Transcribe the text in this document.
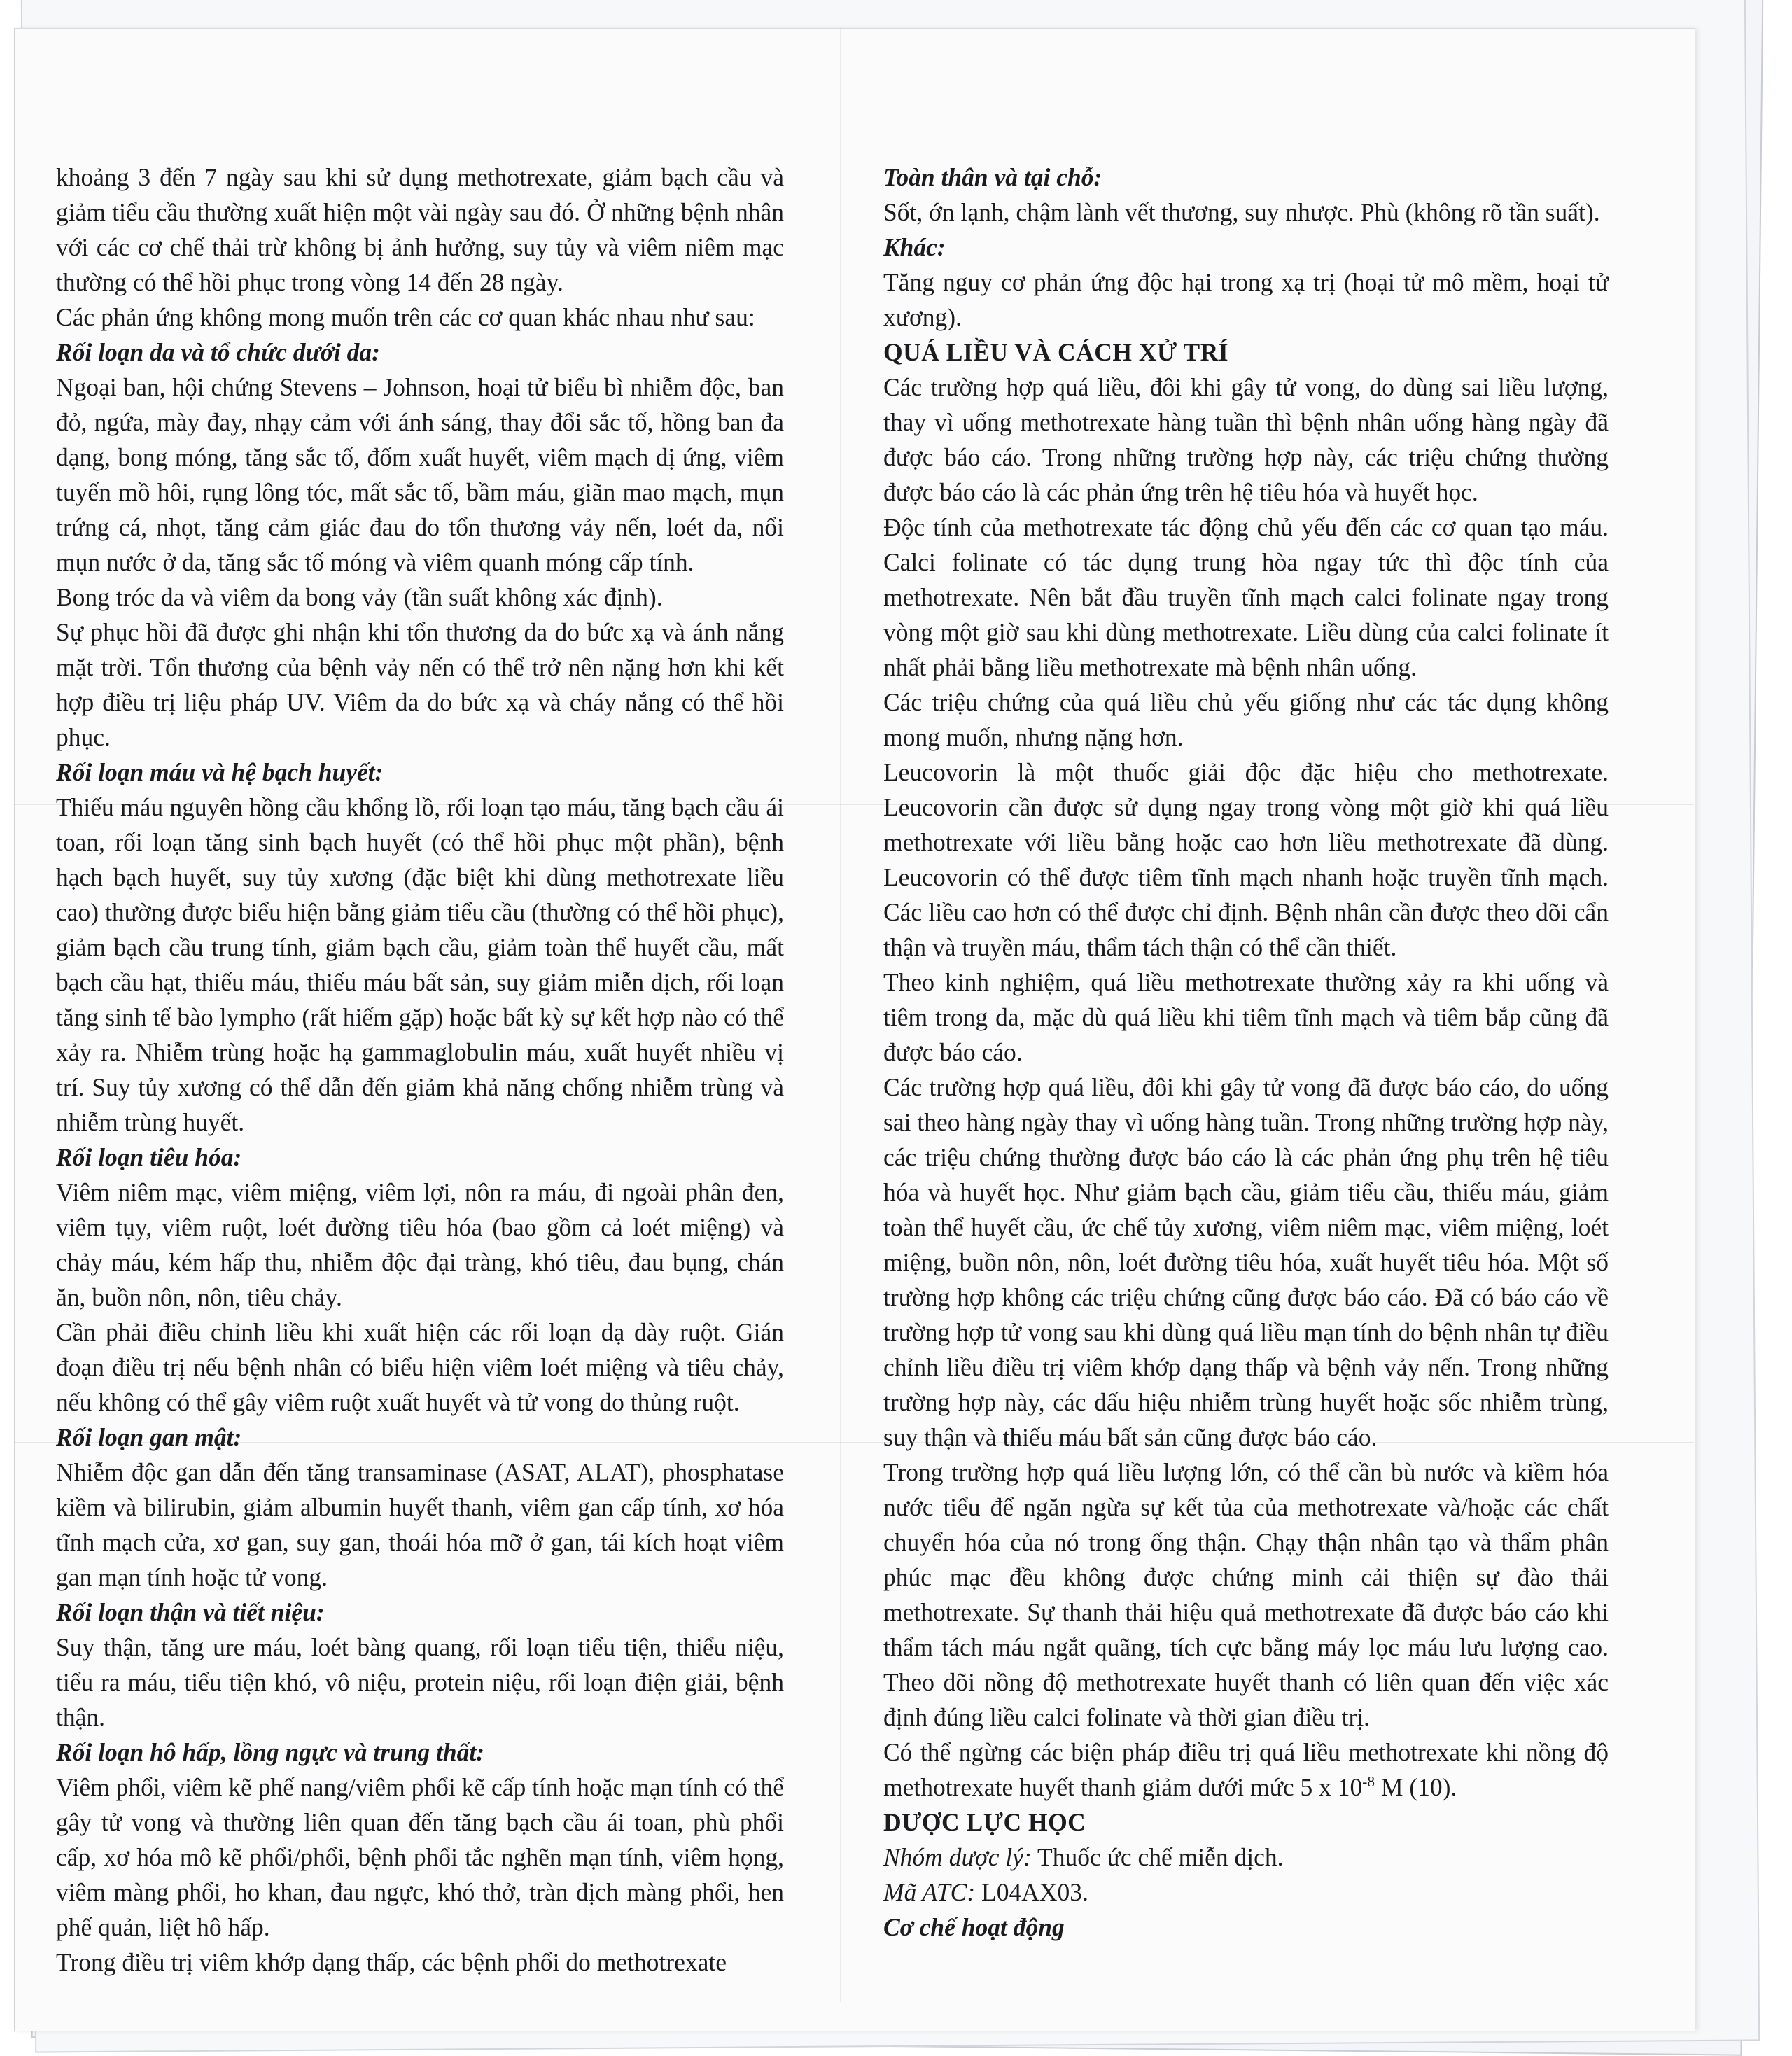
khoảng 3 đến 7 ngày sau khi sử dụng methotrexate, giảm bạch cầu và giảm tiểu cầu thường xuất hiện một vài ngày sau đó. Ở những bệnh nhân với các cơ chế thải trừ không bị ảnh hưởng, suy tủy và viêm niêm mạc thường có thể hồi phục trong vòng 14 đến 28 ngày.

Các phản ứng không mong muốn trên các cơ quan khác nhau như sau:

Rối loạn da và tổ chức dưới da:

Ngoại ban, hội chứng Stevens – Johnson, hoại tử biểu bì nhiễm độc, ban đỏ, ngứa, mày đay, nhạy cảm với ánh sáng, thay đổi sắc tố, hồng ban đa dạng, bong móng, tăng sắc tố, đốm xuất huyết, viêm mạch dị ứng, viêm tuyến mồ hôi, rụng lông tóc, mất sắc tố, bầm máu, giãn mao mạch, mụn trứng cá, nhọt, tăng cảm giác đau do tổn thương vảy nến, loét da, nổi mụn nước ở da, tăng sắc tố móng và viêm quanh móng cấp tính.

Bong tróc da và viêm da bong vảy (tần suất không xác định).

Sự phục hồi đã được ghi nhận khi tổn thương da do bức xạ và ánh nắng mặt trời. Tổn thương của bệnh vảy nến có thể trở nên nặng hơn khi kết hợp điều trị liệu pháp UV. Viêm da do bức xạ và cháy nắng có thể hồi phục.

Rối loạn máu và hệ bạch huyết:

Thiếu máu nguyên hồng cầu khổng lồ, rối loạn tạo máu, tăng bạch cầu ái toan, rối loạn tăng sinh bạch huyết (có thể hồi phục một phần), bệnh hạch bạch huyết, suy tủy xương (đặc biệt khi dùng methotrexate liều cao) thường được biểu hiện bằng giảm tiểu cầu (thường có thể hồi phục), giảm bạch cầu trung tính, giảm bạch cầu, giảm toàn thể huyết cầu, mất bạch cầu hạt, thiếu máu, thiếu máu bất sản, suy giảm miễn dịch, rối loạn tăng sinh tế bào lympho (rất hiếm gặp) hoặc bất kỳ sự kết hợp nào có thể xảy ra. Nhiễm trùng hoặc hạ gammaglobulin máu, xuất huyết nhiều vị trí. Suy tủy xương có thể dẫn đến giảm khả năng chống nhiễm trùng và nhiễm trùng huyết.

Rối loạn tiêu hóa:

Viêm niêm mạc, viêm miệng, viêm lợi, nôn ra máu, đi ngoài phân đen, viêm tụy, viêm ruột, loét đường tiêu hóa (bao gồm cả loét miệng) và chảy máu, kém hấp thu, nhiễm độc đại tràng, khó tiêu, đau bụng, chán ăn, buồn nôn, nôn, tiêu chảy.

Cần phải điều chỉnh liều khi xuất hiện các rối loạn dạ dày ruột. Gián đoạn điều trị nếu bệnh nhân có biểu hiện viêm loét miệng và tiêu chảy, nếu không có thể gây viêm ruột xuất huyết và tử vong do thủng ruột.

Rối loạn gan mật:

Nhiễm độc gan dẫn đến tăng transaminase (ASAT, ALAT), phosphatase kiềm và bilirubin, giảm albumin huyết thanh, viêm gan cấp tính, xơ hóa tĩnh mạch cửa, xơ gan, suy gan, thoái hóa mỡ ở gan, tái kích hoạt viêm gan mạn tính hoặc tử vong.

Rối loạn thận và tiết niệu:

Suy thận, tăng ure máu, loét bàng quang, rối loạn tiểu tiện, thiểu niệu, tiểu ra máu, tiểu tiện khó, vô niệu, protein niệu, rối loạn điện giải, bệnh thận.

Rối loạn hô hấp, lồng ngực và trung thất:

Viêm phổi, viêm kẽ phế nang/viêm phổi kẽ cấp tính hoặc mạn tính có thể gây tử vong và thường liên quan đến tăng bạch cầu ái toan, phù phổi cấp, xơ hóa mô kẽ phổi/phổi, bệnh phổi tắc nghẽn mạn tính, viêm họng, viêm màng phổi, ho khan, đau ngực, khó thở, tràn dịch màng phổi, hen phế quản, liệt hô hấp.

Trong điều trị viêm khớp dạng thấp, các bệnh phổi do methotrexate

Toàn thân và tại chỗ:

Sốt, ớn lạnh, chậm lành vết thương, suy nhược. Phù (không rõ tần suất).

Khác:

Tăng nguy cơ phản ứng độc hại trong xạ trị (hoại tử mô mềm, hoại tử xương).

QUÁ LIỀU VÀ CÁCH XỬ TRÍ

Các trường hợp quá liều, đôi khi gây tử vong, do dùng sai liều lượng, thay vì uống methotrexate hàng tuần thì bệnh nhân uống hàng ngày đã được báo cáo. Trong những trường hợp này, các triệu chứng thường được báo cáo là các phản ứng trên hệ tiêu hóa và huyết học.

Độc tính của methotrexate tác động chủ yếu đến các cơ quan tạo máu. Calci folinate có tác dụng trung hòa ngay tức thì độc tính của methotrexate. Nên bắt đầu truyền tĩnh mạch calci folinate ngay trong vòng một giờ sau khi dùng methotrexate. Liều dùng của calci folinate ít nhất phải bằng liều methotrexate mà bệnh nhân uống.

Các triệu chứng của quá liều chủ yếu giống như các tác dụng không mong muốn, nhưng nặng hơn.

Leucovorin là một thuốc giải độc đặc hiệu cho methotrexate. Leucovorin cần được sử dụng ngay trong vòng một giờ khi quá liều methotrexate với liều bằng hoặc cao hơn liều methotrexate đã dùng. Leucovorin có thể được tiêm tĩnh mạch nhanh hoặc truyền tĩnh mạch. Các liều cao hơn có thể được chỉ định. Bệnh nhân cần được theo dõi cẩn thận và truyền máu, thẩm tách thận có thể cần thiết.

Theo kinh nghiệm, quá liều methotrexate thường xảy ra khi uống và tiêm trong da, mặc dù quá liều khi tiêm tĩnh mạch và tiêm bắp cũng đã được báo cáo.

Các trường hợp quá liều, đôi khi gây tử vong đã được báo cáo, do uống sai theo hàng ngày thay vì uống hàng tuần. Trong những trường hợp này, các triệu chứng thường được báo cáo là các phản ứng phụ trên hệ tiêu hóa và huyết học. Như giảm bạch cầu, giảm tiểu cầu, thiếu máu, giảm toàn thể huyết cầu, ức chế tủy xương, viêm niêm mạc, viêm miệng, loét miệng, buồn nôn, nôn, loét đường tiêu hóa, xuất huyết tiêu hóa. Một số trường hợp không các triệu chứng cũng được báo cáo. Đã có báo cáo về trường hợp tử vong sau khi dùng quá liều mạn tính do bệnh nhân tự điều chỉnh liều điều trị viêm khớp dạng thấp và bệnh vảy nến. Trong những trường hợp này, các dấu hiệu nhiễm trùng huyết hoặc sốc nhiễm trùng, suy thận và thiếu máu bất sản cũng được báo cáo.

Trong trường hợp quá liều lượng lớn, có thể cần bù nước và kiềm hóa nước tiểu để ngăn ngừa sự kết tủa của methotrexate và/hoặc các chất chuyển hóa của nó trong ống thận. Chạy thận nhân tạo và thẩm phân phúc mạc đều không được chứng minh cải thiện sự đào thải methotrexate. Sự thanh thải hiệu quả methotrexate đã được báo cáo khi thẩm tách máu ngắt quãng, tích cực bằng máy lọc máu lưu lượng cao. Theo dõi nồng độ methotrexate huyết thanh có liên quan đến việc xác định đúng liều calci folinate và thời gian điều trị.

Có thể ngừng các biện pháp điều trị quá liều methotrexate khi nồng độ methotrexate huyết thanh giảm dưới mức 5 x $10^{-8}$ M (10).

DƯỢC LỰC HỌC

Nhóm dược lý: Thuốc ức chế miễn dịch.

Mã ATC: L04AX03.

Cơ chế hoạt động
